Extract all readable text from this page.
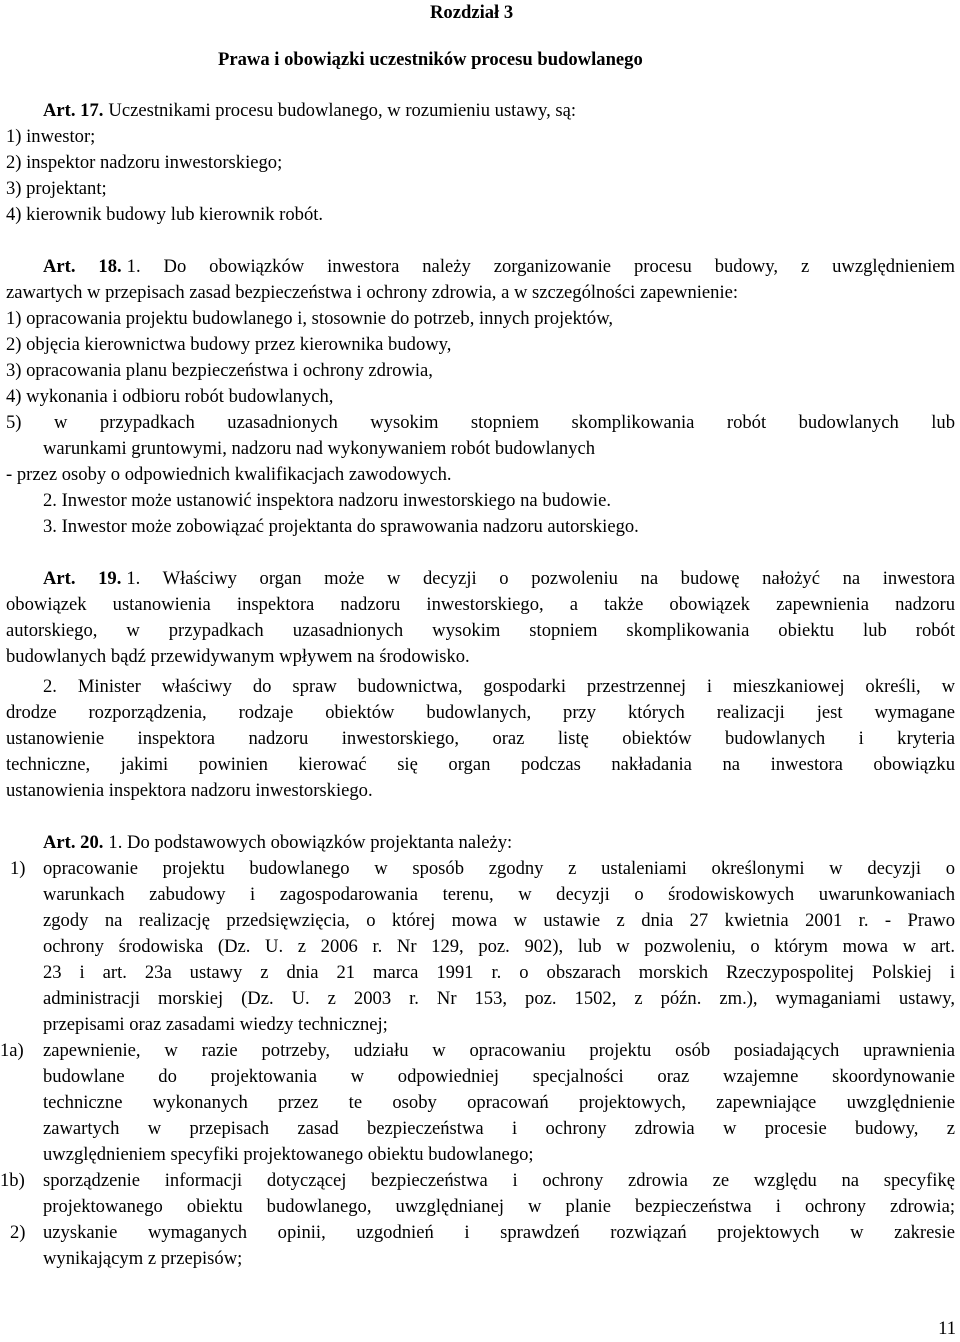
Rozdział 3
Prawa i obowiązki uczestników procesu budowlanego
Art. 17. Uczestnikami procesu budowlanego, w rozumieniu ustawy, są:
1) inwestor;
2) inspektor nadzoru inwestorskiego;
3) projektant;
4) kierownik budowy lub kierownik robót.
Art. 18. 1. Do obowiązków inwestora należy zorganizowanie procesu budowy, z uwzględnieniem
zawartych w przepisach zasad bezpieczeństwa i ochrony zdrowia, a w szczególności zapewnienie:
1) opracowania projektu budowlanego i, stosownie do potrzeb, innych projektów,
2) objęcia kierownictwa budowy przez kierownika budowy,
3) opracowania planu bezpieczeństwa i ochrony zdrowia,
4) wykonania i odbioru robót budowlanych,
5) w przypadkach uzasadnionych wysokim stopniem skomplikowania robót budowlanych lub
warunkami gruntowymi, nadzoru nad wykonywaniem robót budowlanych
- przez osoby o odpowiednich kwalifikacjach zawodowych.
2. Inwestor może ustanowić inspektora nadzoru inwestorskiego na budowie.
3. Inwestor może zobowiązać projektanta do sprawowania nadzoru autorskiego.
Art. 19. 1. Właściwy organ może w decyzji o pozwoleniu na budowę nałożyć na inwestora
obowiązek ustanowienia inspektora nadzoru inwestorskiego, a także obowiązek zapewnienia nadzoru
autorskiego, w przypadkach uzasadnionych wysokim stopniem skomplikowania obiektu lub robót
budowlanych bądź przewidywanym wpływem na środowisko.
2. Minister właściwy do spraw budownictwa, gospodarki przestrzennej i mieszkaniowej określi, w
drodze rozporządzenia, rodzaje obiektów budowlanych, przy których realizacji jest wymagane
ustanowienie inspektora nadzoru inwestorskiego, oraz listę obiektów budowlanych i kryteria
techniczne, jakimi powinien kierować się organ podczas nakładania na inwestora obowiązku
ustanowienia inspektora nadzoru inwestorskiego.
Art. 20. 1. Do podstawowych obowiązków projektanta należy:
1) opracowanie projektu budowlanego w sposób zgodny z ustaleniami określonymi w decyzji o
warunkach zabudowy i zagospodarowania terenu, w decyzji o środowiskowych uwarunkowaniach
zgody na realizację przedsięwzięcia, o której mowa w ustawie z dnia 27 kwietnia 2001 r. - Prawo
ochrony środowiska (Dz. U. z 2006 r. Nr 129, poz. 902), lub w pozwoleniu, o którym mowa w art.
23 i art. 23a ustawy z dnia 21 marca 1991 r. o obszarach morskich Rzeczypospolitej Polskiej i
administracji morskiej (Dz. U. z 2003 r. Nr 153, poz. 1502, z późn. zm.), wymaganiami ustawy,
przepisami oraz zasadami wiedzy technicznej;
1a) zapewnienie, w razie potrzeby, udziału w opracowaniu projektu osób posiadających uprawnienia
budowlane do projektowania w odpowiedniej specjalności oraz wzajemne skoordynowanie
techniczne wykonanych przez te osoby opracowań projektowych, zapewniające uwzględnienie
zawartych w przepisach zasad bezpieczeństwa i ochrony zdrowia w procesie budowy, z
uwzględnieniem specyfiki projektowanego obiektu budowlanego;
1b) sporządzenie informacji dotyczącej bezpieczeństwa i ochrony zdrowia ze względu na specyfikę
projektowanego obiektu budowlanego, uwzględnianej w planie bezpieczeństwa i ochrony zdrowia;
2) uzyskanie wymaganych opinii, uzgodnień i sprawdzeń rozwiązań projektowych w zakresie
wynikającym z przepisów;
11
